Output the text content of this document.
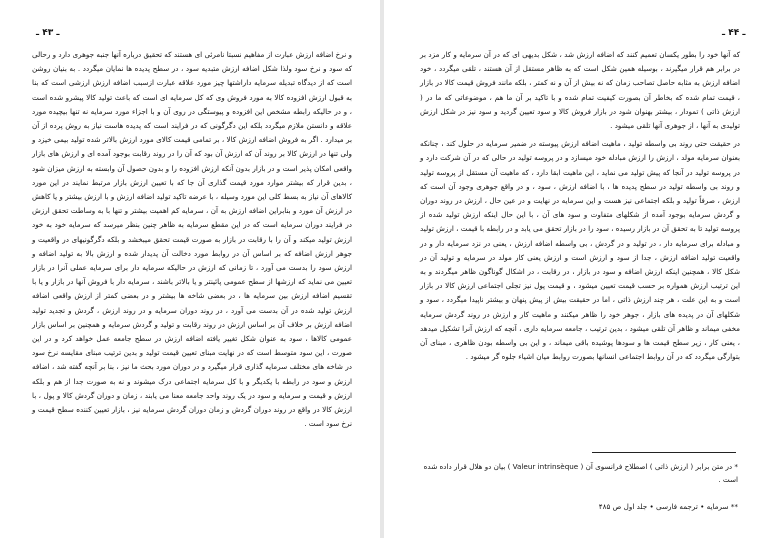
ـ ۴۳ ـ

و نرخ اضافه ارزش عبارت از مفاهیم نسبتا نامرئی ای هستند که تحقیق درباره آنها جنبه جوهری دارد و رحالی که سود و نرخ سود ولذا شکل اضافه ارزش متبدیه سود ، در سطح پدیده ها نمایان میگردد . به بنیان روشن است که از دیدگاه تبدیله سرمایه داراشتها چیز مورد علاقه عبارت ازسبب اضافه ارزش ارزشی است که بنا به قبول ارزش افزوده کالا به مورد فروش وی که کل سرمایه ای است که باعث تولید کالا پیشرو شده است ، و در حالیکه رابطه مشخص این افزوده و پیوستگی در روی آن و با اجزاء مورد سرمایه نه تنها بیچیده مورد علاقه و دانستن ملازم میگردد بلکه این دگرگونی که در فرایند است که پدیده هاست نیاز به روش پرده از آن بر میدارد . اگر به فروش اضافه ارزش کالا ، بر تمامی قیمت کالای مورد ارزش بالاتر شده تولید بیمی خیزد و ولی تنها در ارزش کالا بر روند آن که ارزش آن بود که آن را در روند رقابت بوجود آمده ای و ارزش های بازار واقعی امکان پذیر است و در بازار بدون آنکه ارزش افزوده را و بدون حصول آن وابسته به ارزش میزان شود ، بدین قرار که بیشتر موارد مورد قیمت گذاری آن جا که با تعیین ارزش بازار مرتبط نمایند در این مورد کالاهای آن نیاز به بسط کلی این مورد وسیله ، با عرضه تاکید تولید اضافه ارزش و با ارزش بیشتر و یا کاهش در ارزش آن مورد و بنابراین اضافه ارزش به آن ، سرمایه کم اهمیت بیشتر و تنها با به وساطت تحقق ارزش در فرایند دوران سرمایه است که در این مقطع سرمایه به ظاهر چنین بنظر میرسد که سرمایه خود به خود ارزش تولید میکند و آن را با رقابت در بازار به صورت قیمت تحقق میبخشد و بلکه دگرگونیهای در واقعیت و جوهر ارزش اضافه که بر اساس آن در روابط مورد دخالت آن پدیدار شده و ارزش بالا به تولید اضافه و ارزش سود را بدست می آورد ، تا زمانی که ارزش در حالیکه سرمایه دار برای سرمایه عملی آنرا در بازار تعیین می نماید که ارزشها از سطح عمومی پائینتر و یا بالاتر باشند ، سرمایه دار با فروش آنها در بازار و یا با تقسیم اضافه ارزش بین سرمایه ها ، در بعضی شاخه ها بیشتر و در بعضی کمتر از ارزش واقعی اضافه ارزش تولید شده در آن بدست می آورد ، در روند دوران سرمایه و در روند ارزش ، گردش و تجدید تولید اضافه ارزش بر خلاف آن بر اساس ارزش در روند رقابت و تولید و گردش سرمایه و همچنین بر اساس بازار عمومی کالاها ، سود به عنوان شکل تغییر یافته اضافه ارزش در سطح جامعه عمل خواهد کرد و در این صورت ، این سود متوسط است که در نهایت مبنای تعیین قیمت تولید و بدین ترتیب مبنای مقایسه نرخ سود در شاخه های مختلف سرمایه گذاری قرار میگیرد و در دوران مورد بحث ما نیز ، بنا بر آنچه گفته شد ، اضافه ارزش و سود در رابطه با یکدیگر و با کل سرمایه اجتماعی درک میشوند و نه به صورت جدا از هم و بلکه ارزش و قیمت و سرمایه و سود در یک روند واحد جامعه معنا می یابند ، زمان و دوران گردش کالا و پول ، با ارزش کالا در واقع در روند دوران گردش و زمان دوران گردش سرمایه نیز ، بازار تعیین کننده سطح قیمت و نرخ سود است .

ـ ۴۴ ـ

که آنها خود را بطور یکسان تعمیم کنند که اضافه ارزش شد ، شکل بدیهی ای که در آن سرمایه و کار مزد بر در برابر هم قرار میگیرند ، بوسیله همین شکل است که به ظاهر مستقل از آن هستند ، تلقی میگردد ، خود اضافه ارزش به مثابه حاصل تصاحب زمان که نه بیش از آن و نه کمتر ، بلکه مانند فروش قیمت کالا در بازار ، قیمت تمام شده که بخاطر آن بصورت کیفیت تمام شده و با تاکید بر آن ما هم ، موضوعاتی که ما در ( ارزش ذاتی ) تمودار ، بیشتر بهنوان شود در بازار فروش کالا و سود تعیین گردید و سود نیز در شکل ارزش تولیدی به آنها ، از جوهری آنها تلقی میشود .

در حقیقت حتی روند بی واسطه تولید ، ماهیت اضافه ارزش پیوسته در ضمیر سرمایه در حلول کند ، چنانکه بعنوان سرمایه مولد ، ارزش را ارزش مبادله خود میسازد و در پروسه تولید در حالی که در آن شرکت دارد و در پروسه تولید در آنجا که پیش تولید می نماید ، این ماهیت ابقا دارد ، که ماهیت آن مستقل از پروسه تولید و روند بی واسطه تولید در سطح پدیده ها ، با اضافه ارزش ، سود ، و در واقع جوهری وجود آن است که ارزش ، صرفاً تولید و بلکه اجتماعی نیز هست و این سرمایه در نهایت و در عین حال ، ارزش در روند دوران و گردش سرمایه بوجود آمده از شکلهای متفاوت و سود های آن ، با این حال اینکه ارزش تولید شده از پروسه تولید تا به تحقق آن در بازار رسیده ، سود را در بازار تحقق می یابد و در رابطه با قیمت ، ارزش تولید و مبادله برای سرمایه دار ، در تولید و در گردش ، بی واسطه اضافه ارزش ، یعنی در نزد سرمایه دار و در واقعیت تولید اضافه ارزش ، جدا از سود و ارزش است و ارزش یعنی کار مولد در سرمایه و تولید آن در شکل کالا ، همچنین اینکه ارزش اضافه و سود در بازار ، در رقابت ، در اشکال گوناگون ظاهر میگردند و به این ترتیب ارزش همواره بر حسب قیمت تعیین میشود ، و قیمت پول نیز تجلی اجتماعی ارزش کالا در بازار است و به این علت ، هر چند ارزش ذاتی ، اما در حقیقت بیش از پیش پنهان و بیشتر ناپیدا میگردد ، سود و شکلهای آن در پدیده های بازار ، جوهر خود را ظاهر میکنند و ماهیت کار و ارزش در روند گردش سرمایه مخفی میماند و ظاهر آن تلقی میشود ، بدین ترتیب ، جامعه سرمایه داری ، آنچه که ارزش آنرا تشکیل میدهد ، یعنی کار ، زیر سطح قیمت ها و سودها پوشیده باقی میماند ، و این بی واسطه بودن ظاهری ، مبنای آن بتوارگی میگردد که در آن روابط اجتماعی انسانها بصورت روابط میان اشیاء جلوه گر میشود .

* در متن برابر ( ارزش ذاتی ) اصطلاح فرانسوی آن ( Valeur intrinsèque ) بیان دو هلال قرار داده شده است .
** سرمایه • ترجمه فارسی • جلد اول ص ۴۸۵
